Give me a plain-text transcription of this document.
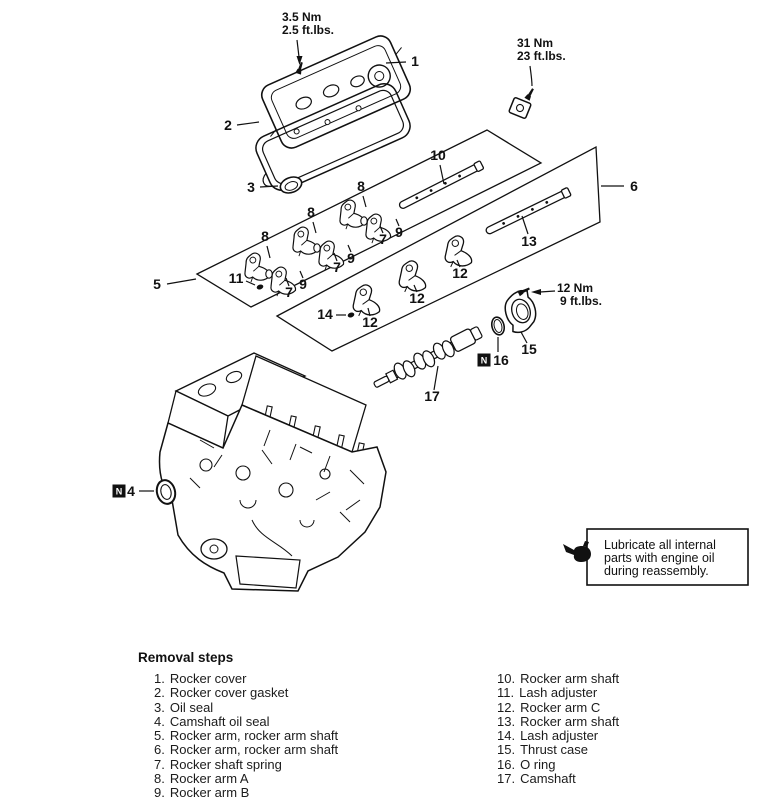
3.5 Nm
2.5 ft.lbs.
31 Nm
23 ft.lbs.
12 Nm
9 ft.lbs.
Lubricate all internal
parts with engine oil
during reassembly.
1
2
3
5
6
8
8
8
7 9
7
9
7 9
10
11
12
12
12
13
14
15
16
17
4
N
N
Removal steps
1. Rocker cover
2. Rocker cover gasket
3. Oil seal
4. Camshaft oil seal
5. Rocker arm, rocker arm shaft
6. Rocker arm, rocker arm shaft
7. Rocker shaft spring
8. Rocker arm A
9. Rocker arm B
10. Rocker arm shaft
11. Lash adjuster
12. Rocker arm C
13. Rocker arm shaft
14. Lash adjuster
15. Thrust case
16. O ring
17. Camshaft
